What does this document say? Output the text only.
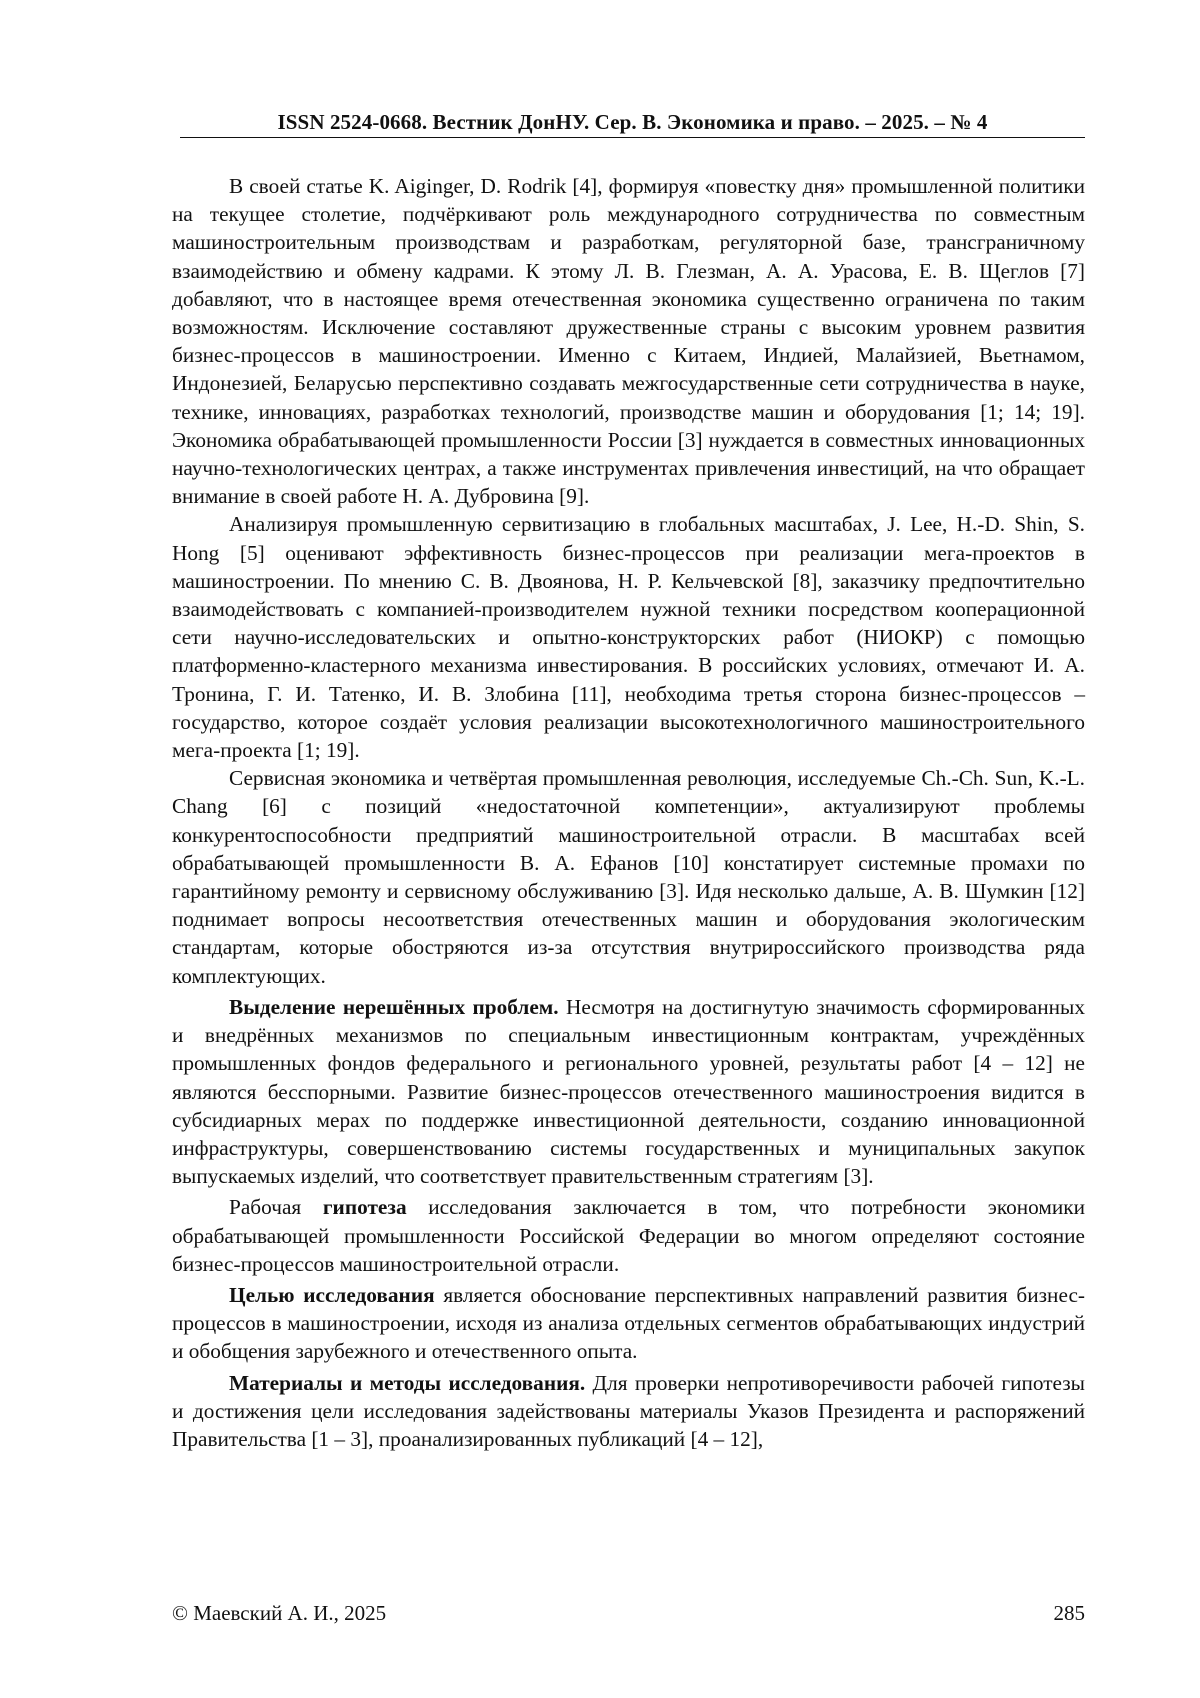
ISSN 2524-0668. Вестник ДонНУ. Сер. В. Экономика и право. – 2025. – № 4

В своей статье K. Aiginger, D. Rodrik [4], формируя «повестку дня» промышленной политики на текущее столетие, подчёркивают роль международного сотрудничества по совместным машиностроительным производствам и разработкам, регуляторной базе, трансграничному взаимодействию и обмену кадрами. К этому Л. В. Глезман, А. А. Урасова, Е. В. Щеглов [7] добавляют, что в настоящее время отечественная экономика существенно ограничена по таким возможностям. Исключение составляют дружественные страны с высоким уровнем развития бизнес-процессов в машиностроении. Именно с Китаем, Индией, Малайзией, Вьетнамом, Индонезией, Беларусью перспективно создавать межгосударственные сети сотрудничества в науке, технике, инновациях, разработках технологий, производстве машин и оборудования [1; 14; 19]. Экономика обрабатывающей промышленности России [3] нуждается в совместных инновационных научно-технологических центрах, а также инструментах привлечения инвестиций, на что обращает внимание в своей работе Н. А. Дубровина [9].

Анализируя промышленную сервитизацию в глобальных масштабах, J. Lee, H.-D. Shin, S. Hong [5] оценивают эффективность бизнес-процессов при реализации мега-проектов в машиностроении. По мнению С. В. Двоянова, Н. Р. Кельчевской [8], заказчику предпочтительно взаимодействовать с компанией-производителем нужной техники посредством кооперационной сети научно-исследовательских и опытно-конструкторских работ (НИОКР) с помощью платформенно-кластерного механизма инвестирования. В российских условиях, отмечают И. А. Тронина, Г. И. Татенко, И. В. Злобина [11], необходима третья сторона бизнес-процессов – государство, которое создаёт условия реализации высокотехнологичного машиностроительного мега-проекта [1; 19].

Сервисная экономика и четвёртая промышленная революция, исследуемые Ch.-Ch. Sun, K.-L. Chang [6] с позиций «недостаточной компетенции», актуализируют проблемы конкурентоспособности предприятий машиностроительной отрасли. В масштабах всей обрабатывающей промышленности В. А. Ефанов [10] констатирует системные промахи по гарантийному ремонту и сервисному обслуживанию [3]. Идя несколько дальше, А. В. Шумкин [12] поднимает вопросы несоответствия отечественных машин и оборудования экологическим стандартам, которые обостряются из-за отсутствия внутрироссийского производства ряда комплектующих.

Выделение нерешённых проблем. Несмотря на достигнутую значимость сформированных и внедрённых механизмов по специальным инвестиционным контрактам, учреждённых промышленных фондов федерального и регионального уровней, результаты работ [4 – 12] не являются бесспорными. Развитие бизнес-процессов отечественного машиностроения видится в субсидиарных мерах по поддержке инвестиционной деятельности, созданию инновационной инфраструктуры, совершенствованию системы государственных и муниципальных закупок выпускаемых изделий, что соответствует правительственным стратегиям [3].

Рабочая гипотеза исследования заключается в том, что потребности экономики обрабатывающей промышленности Российской Федерации во многом определяют состояние бизнес-процессов машиностроительной отрасли.

Целью исследования является обоснование перспективных направлений развития бизнес-процессов в машиностроении, исходя из анализа отдельных сегментов обрабатывающих индустрий и обобщения зарубежного и отечественного опыта.

Материалы и методы исследования. Для проверки непротиворечивости рабочей гипотезы и достижения цели исследования задействованы материалы Указов Президента и распоряжений Правительства [1 – 3], проанализированных публикаций [4 – 12],

© Маевский А. И., 2025	285
